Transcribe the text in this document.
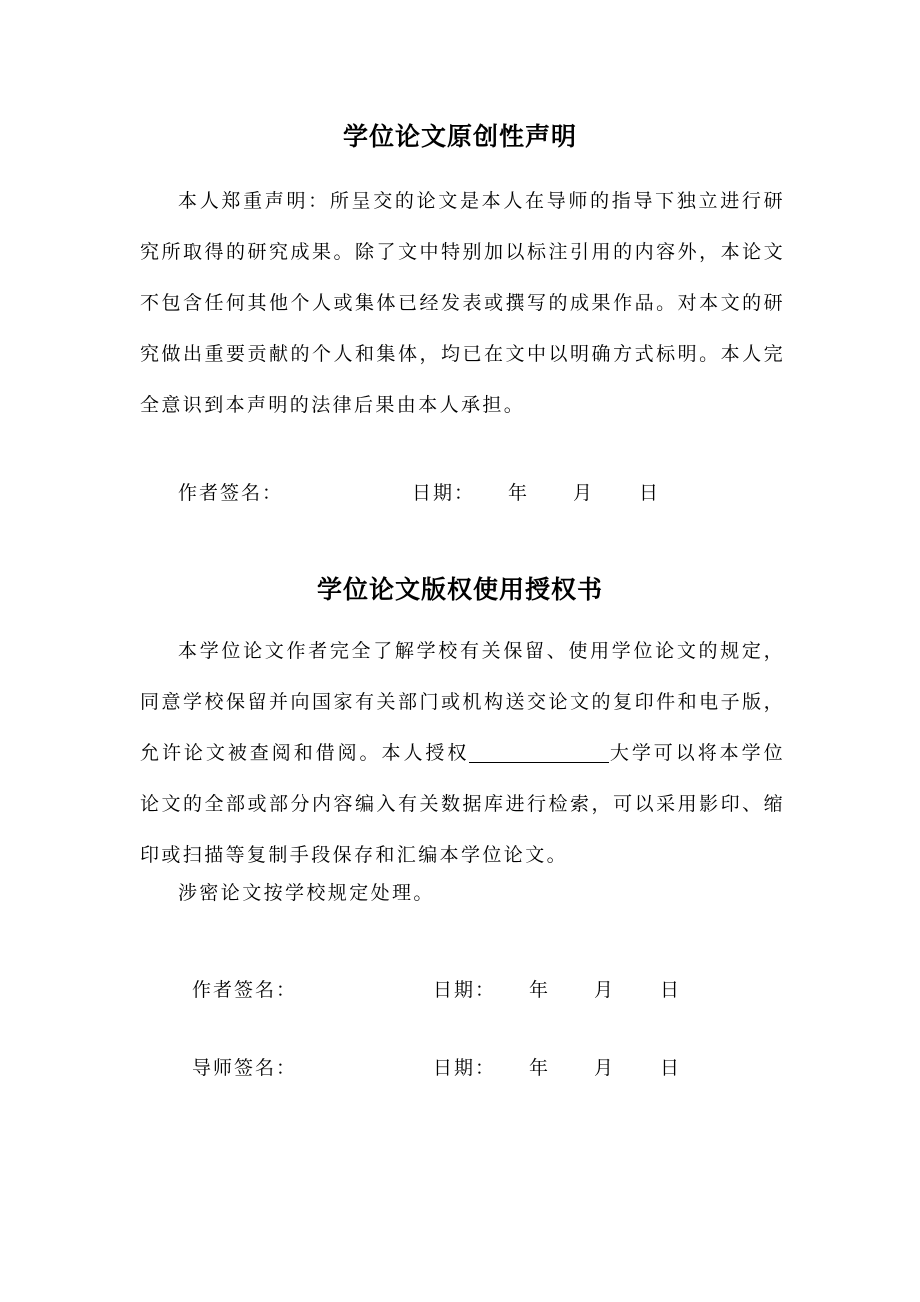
学位论文原创性声明

本人郑重声明：所呈交的论文是本人在导师的指导下独立进行研究所取得的研究成果。除了文中特别加以标注引用的内容外，本论文不包含任何其他个人或集体已经发表或撰写的成果作品。对本文的研究做出重要贡献的个人和集体，均已在文中以明确方式标明。本人完全意识到本声明的法律后果由本人承担。

作者签名：	日期： 年 月 日
学位论文版权使用授权书

本学位论文作者完全了解学校有关保留、使用学位论文的规定，同意学校保留并向国家有关部门或机构送交论文的复印件和电子版，允许论文被查阅和借阅。本人授权	大学可以将本学位论文的全部或部分内容编入有关数据库进行检索，可以采用影印、缩印或扫描等复制手段保存和汇编本学位论文。

涉密论文按学校规定处理。

作者签名：	日期： 年 月 日
导师签名：	日期： 年 月 日
